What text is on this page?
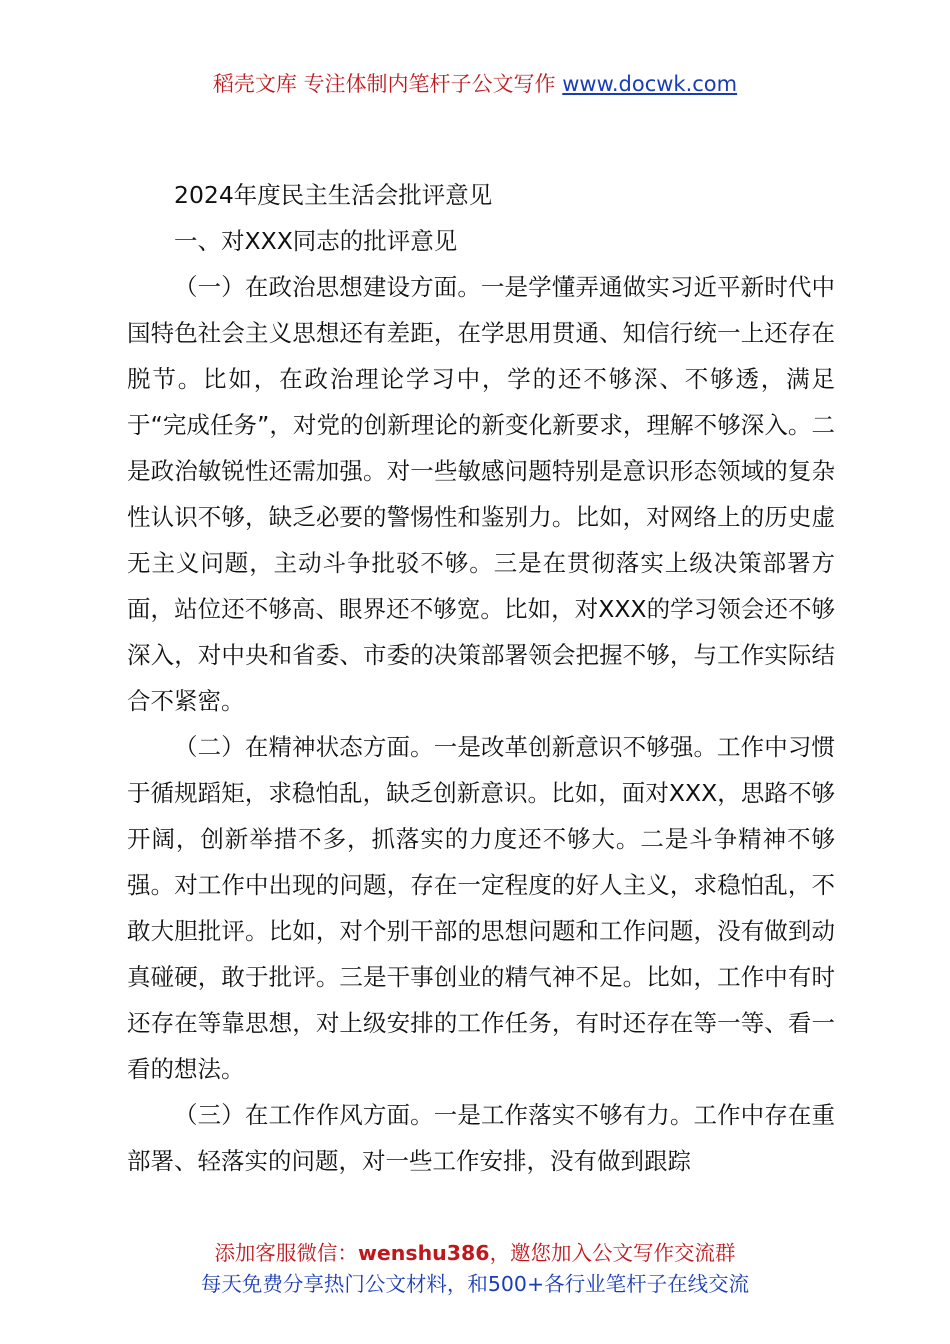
稻壳文库 专注体制内笔杆子公文写作 www.docwk.com

2024年度民主生活会批评意见

一、对XXX同志的批评意见

（一）在政治思想建设方面。一是学懂弄通做实习近平新时代中国特色社会主义思想还有差距，在学思用贯通、知信行统一上还存在脱节。比如，在政治理论学习中，学的还不够深、不够透，满足于“完成任务”，对党的创新理论的新变化新要求，理解不够深入。二是政治敏锐性还需加强。对一些敏感问题特别是意识形态领域的复杂性认识不够，缺乏必要的警惕性和鉴别力。比如，对网络上的历史虚无主义问题，主动斗争批驳不够。三是在贯彻落实上级决策部署方面，站位还不够高、眼界还不够宽。比如，对XXX的学习领会还不够深入，对中央和省委、市委的决策部署领会把握不够，与工作实际结合不紧密。

（二）在精神状态方面。一是改革创新意识不够强。工作中习惯于循规蹈矩，求稳怕乱，缺乏创新意识。比如，面对XXX，思路不够开阔，创新举措不多，抓落实的力度还不够大。二是斗争精神不够强。对工作中出现的问题，存在一定程度的好人主义，求稳怕乱，不敢大胆批评。比如，对个别干部的思想问题和工作问题，没有做到动真碰硬，敢于批评。三是干事创业的精气神不足。比如，工作中有时还存在等靠思想，对上级安排的工作任务，有时还存在等一等、看一看的想法。

（三）在工作作风方面。一是工作落实不够有力。工作中存在重部署、轻落实的问题，对一些工作安排，没有做到跟踪

添加客服微信：wenshu386，邀您加入公文写作交流群
每天免费分享热门公文材料，和500+各行业笔杆子在线交流
